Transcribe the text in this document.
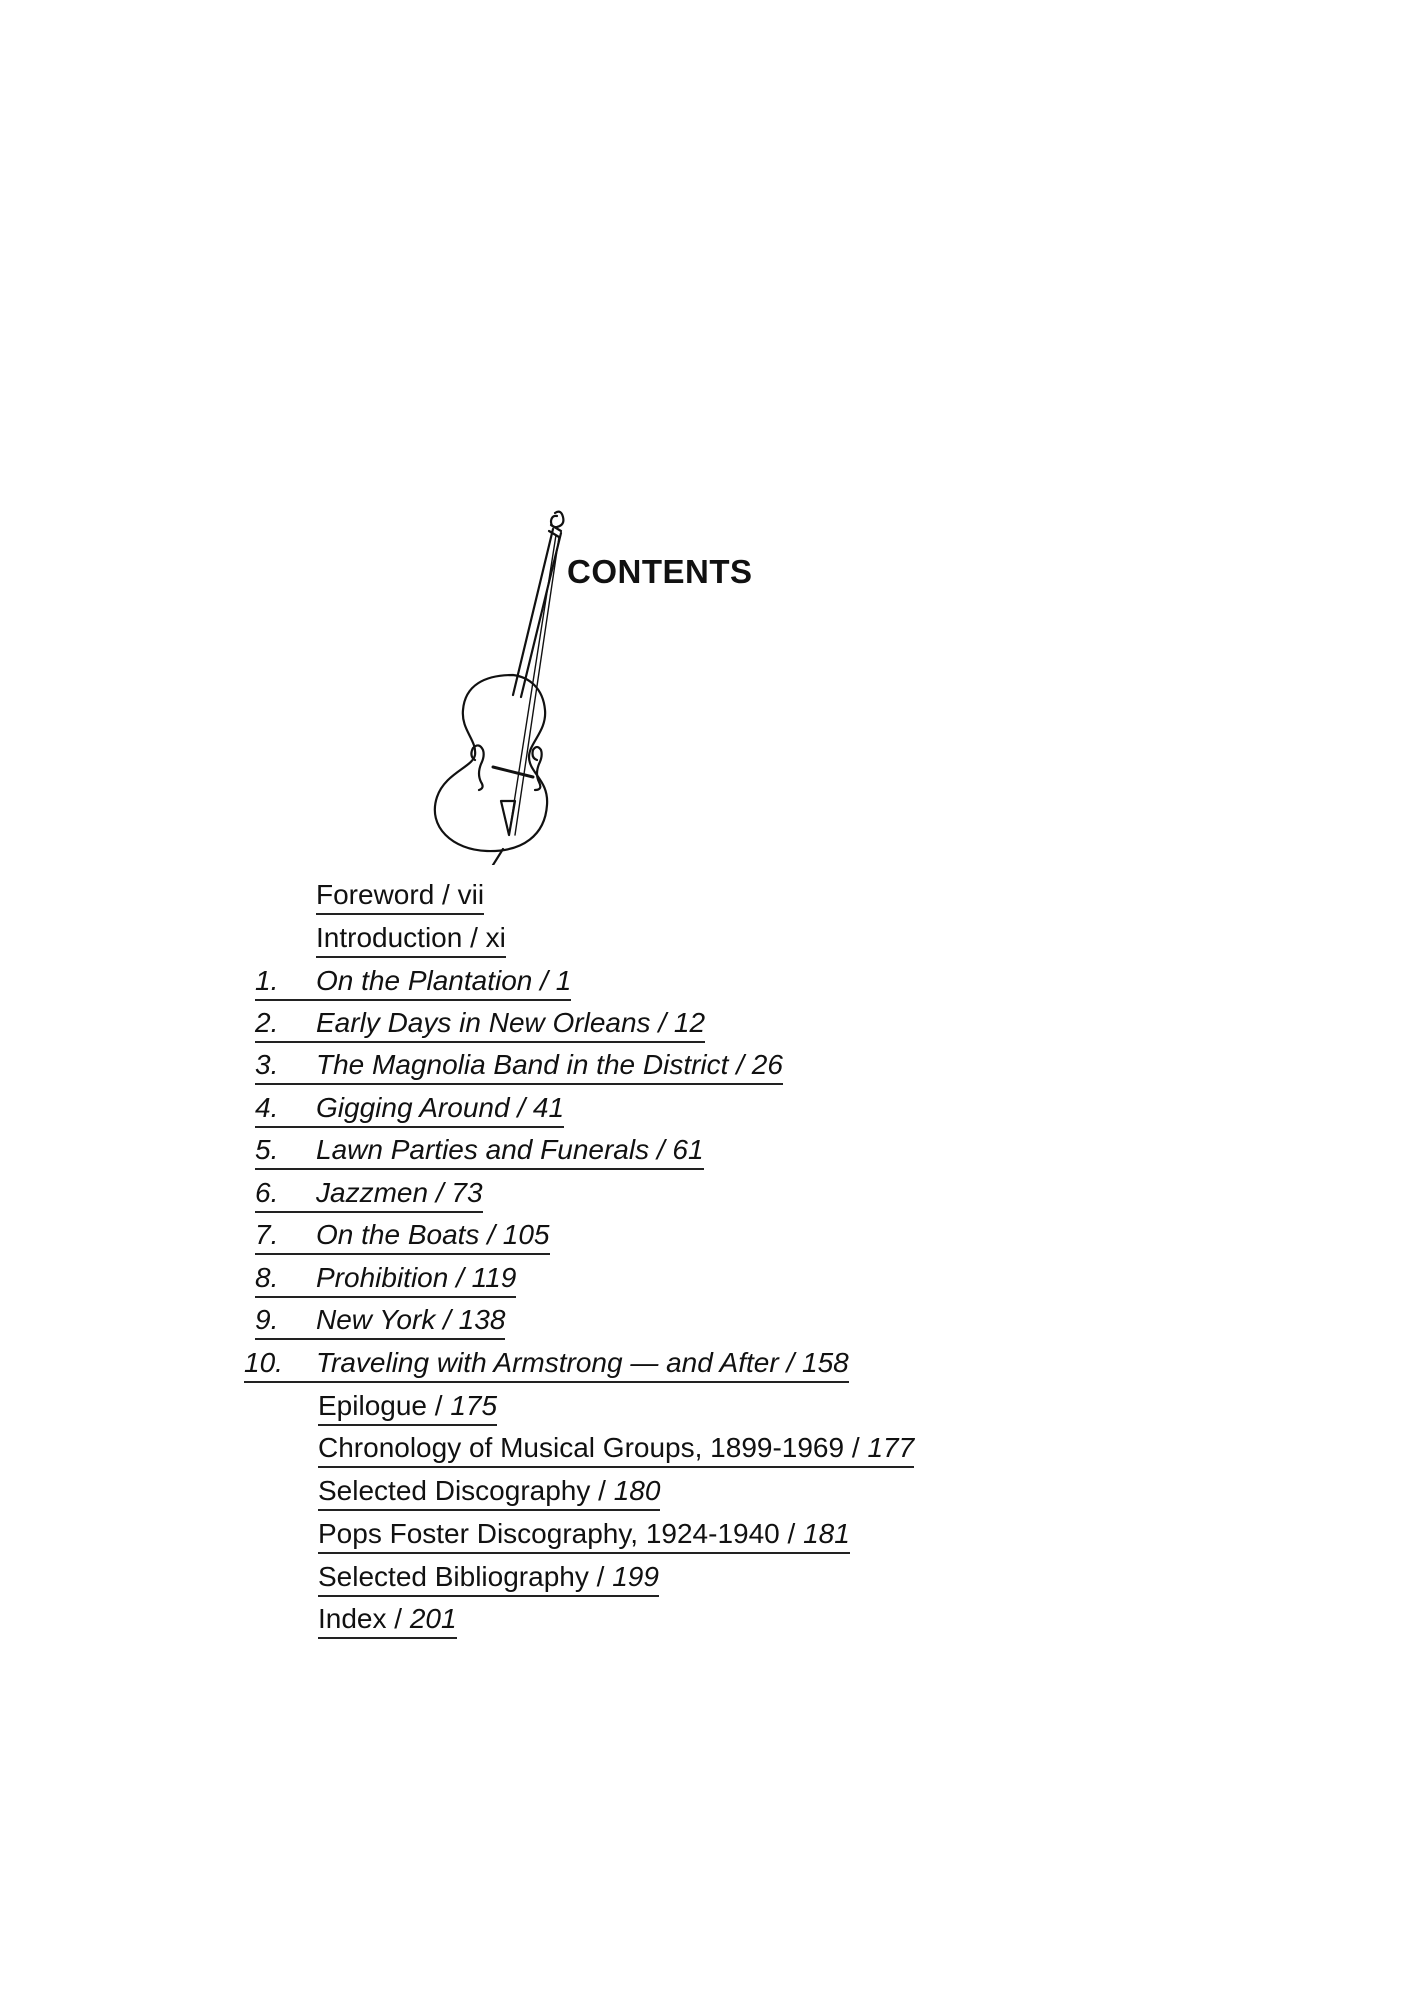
CONTENTS
Foreword / vii
Introduction / xi
1. On the Plantation / 1
2. Early Days in New Orleans / 12
3. The Magnolia Band in the District / 26
4. Gigging Around / 41
5. Lawn Parties and Funerals / 61
6. Jazzmen / 73
7. On the Boats / 105
8. Prohibition / 119
9. New York / 138
10. Traveling with Armstrong — and After / 158
Epilogue / 175
Chronology of Musical Groups, 1899-1969 / 177
Selected Discography / 180
Pops Foster Discography, 1924-1940 / 181
Selected Bibliography / 199
Index / 201
